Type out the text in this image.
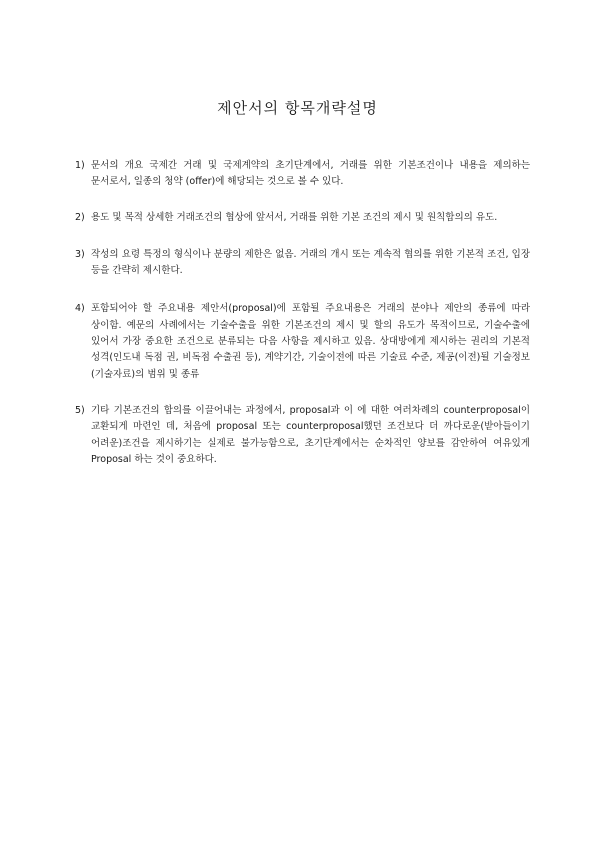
제안서의 항목개략설명
1) 문서의 개요 국제간 거래 및 국제계약의 초기단계에서, 거래를 위한 기본조건이나 내용을 제의하는 문서로서, 일종의 청약 (offer)에 해당되는 것으로 볼 수 있다.
2) 용도 및 목적 상세한 거래조건의 협상에 앞서서, 거래를 위한 기본 조건의 제시 및 원칙합의의 유도.
3) 작성의 요령 특정의 형식이나 분량의 제한은 없음. 거래의 개시 또는 계속적 협의를 위한 기본적 조건, 입장 등을 간략히 제시한다.
4) 포함되어야 할 주요내용 제안서(proposal)에 포함될 주요내용은 거래의 분야나 제안의 종류에 따라 상이함. 예문의 사례에서는 기술수출을 위한 기본조건의 제시 및 할의 유도가 목적이므로, 기술수출에 있어서 가장 중요한 조건으로 분류되는 다음 사항을 제시하고 있음. 상대방에게 제시하는 권리의 기본적 성격(인도내 독점 권, 비독점 수출권 등), 계약기간, 기술이전에 따른 기술료 수준, 제공(이전)될 기술정보(기술자료)의 범위 및 종류
5) 기타 기본조건의 합의를 이끌어내는 과정에서, proposal과 이 에 대한 여러차례의 counterproposal이 교환되게 마련인 데, 처음에 proposal 또는 counterproposal했던 조건보다 더 까다로운(받아들이기 어려운)조건을 제시하기는 실제로 불가능함으로, 초기단계에서는 순차적인 양보를 감안하여 여유있게 Proposal 하는 것이 중요하다.
